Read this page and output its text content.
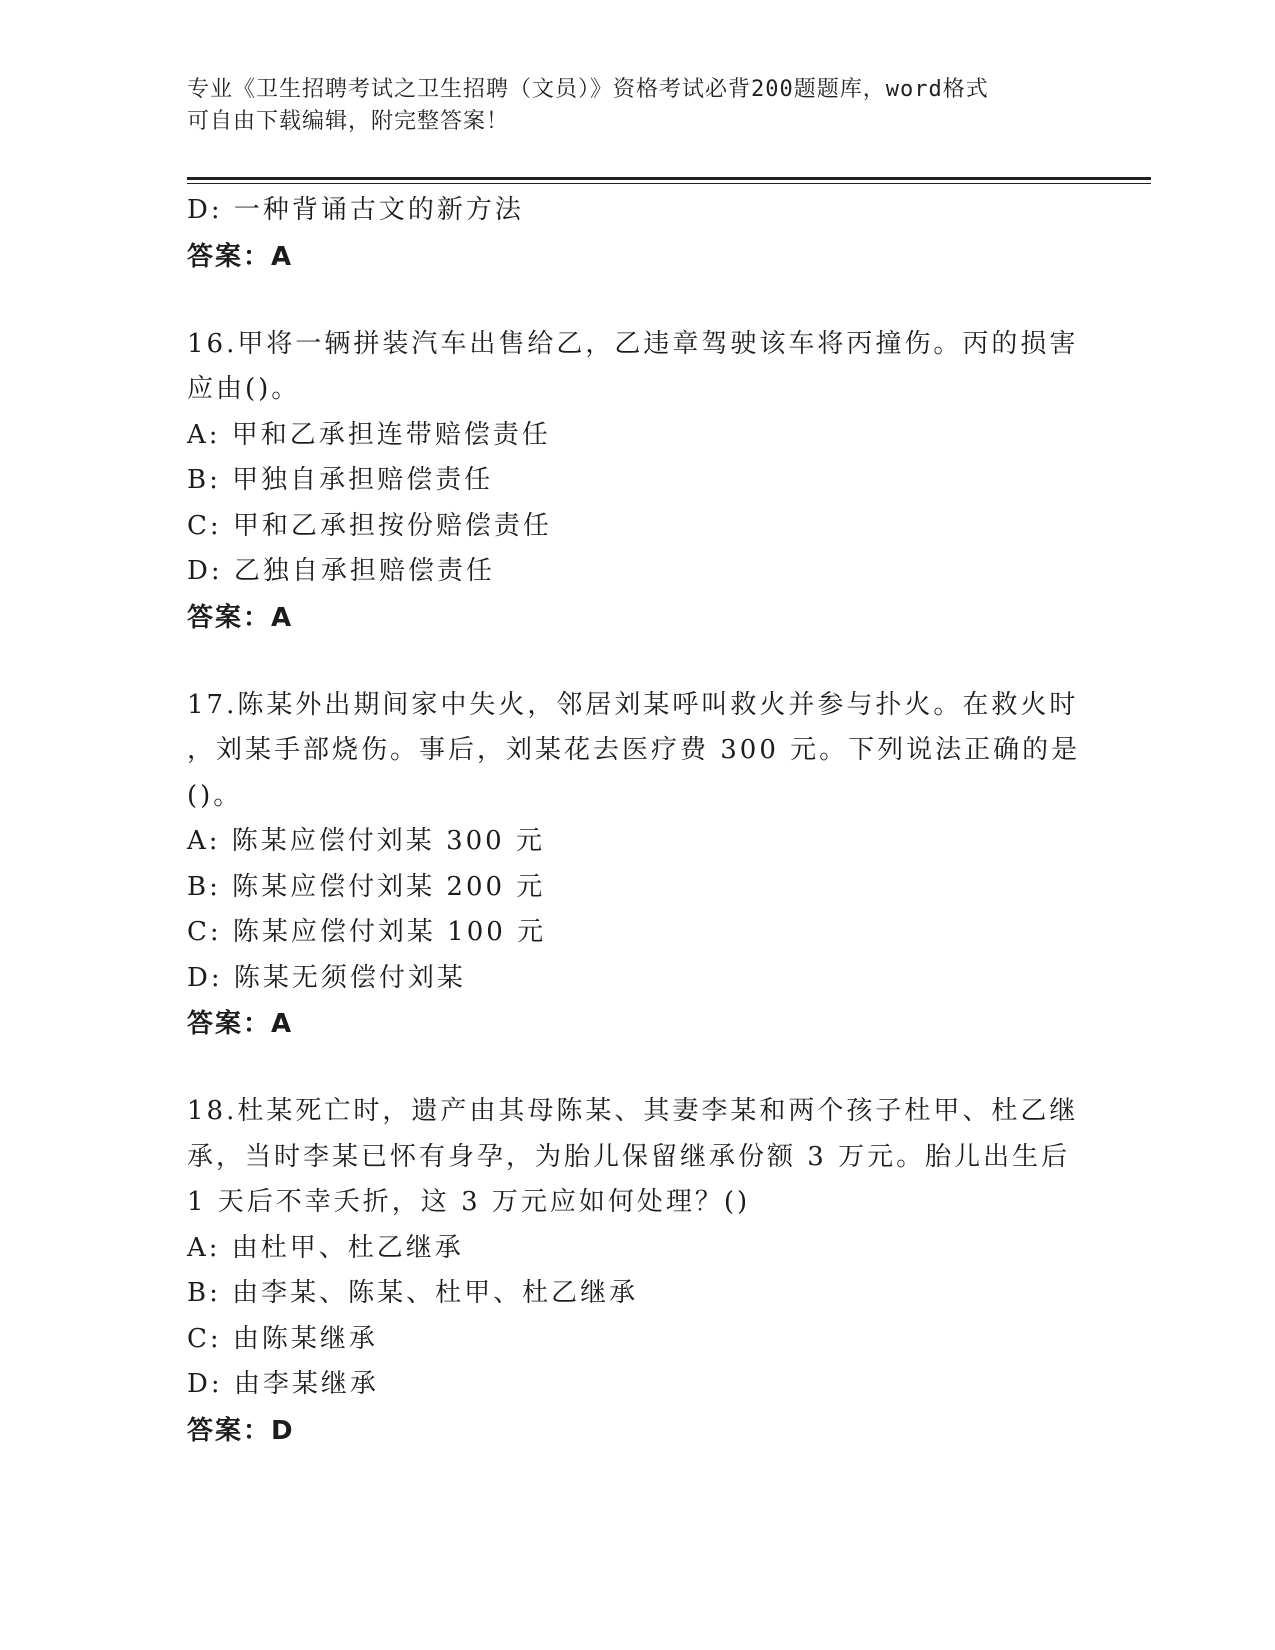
专业《卫生招聘考试之卫生招聘（文员）》资格考试必背200题题库，word格式
可自由下载编辑，附完整答案！
D: 一种背诵古文的新方法
答案：A
16.甲将一辆拼装汽车出售给乙，乙违章驾驶该车将丙撞伤。丙的损害
应由()。
A: 甲和乙承担连带赔偿责任
B: 甲独自承担赔偿责任
C: 甲和乙承担按份赔偿责任
D: 乙独自承担赔偿责任
答案：A
17.陈某外出期间家中失火，邻居刘某呼叫救火并参与扑火。在救火时
，刘某手部烧伤。事后，刘某花去医疗费 300 元。下列说法正确的是
()。
A: 陈某应偿付刘某 300 元
B: 陈某应偿付刘某 200 元
C: 陈某应偿付刘某 100 元
D: 陈某无须偿付刘某
答案：A
18.杜某死亡时，遗产由其母陈某、其妻李某和两个孩子杜甲、杜乙继
承，当时李某已怀有身孕，为胎儿保留继承份额 3 万元。胎儿出生后
1 天后不幸夭折，这 3 万元应如何处理？()
A: 由杜甲、杜乙继承
B: 由李某、陈某、杜甲、杜乙继承
C: 由陈某继承
D: 由李某继承
答案：D
